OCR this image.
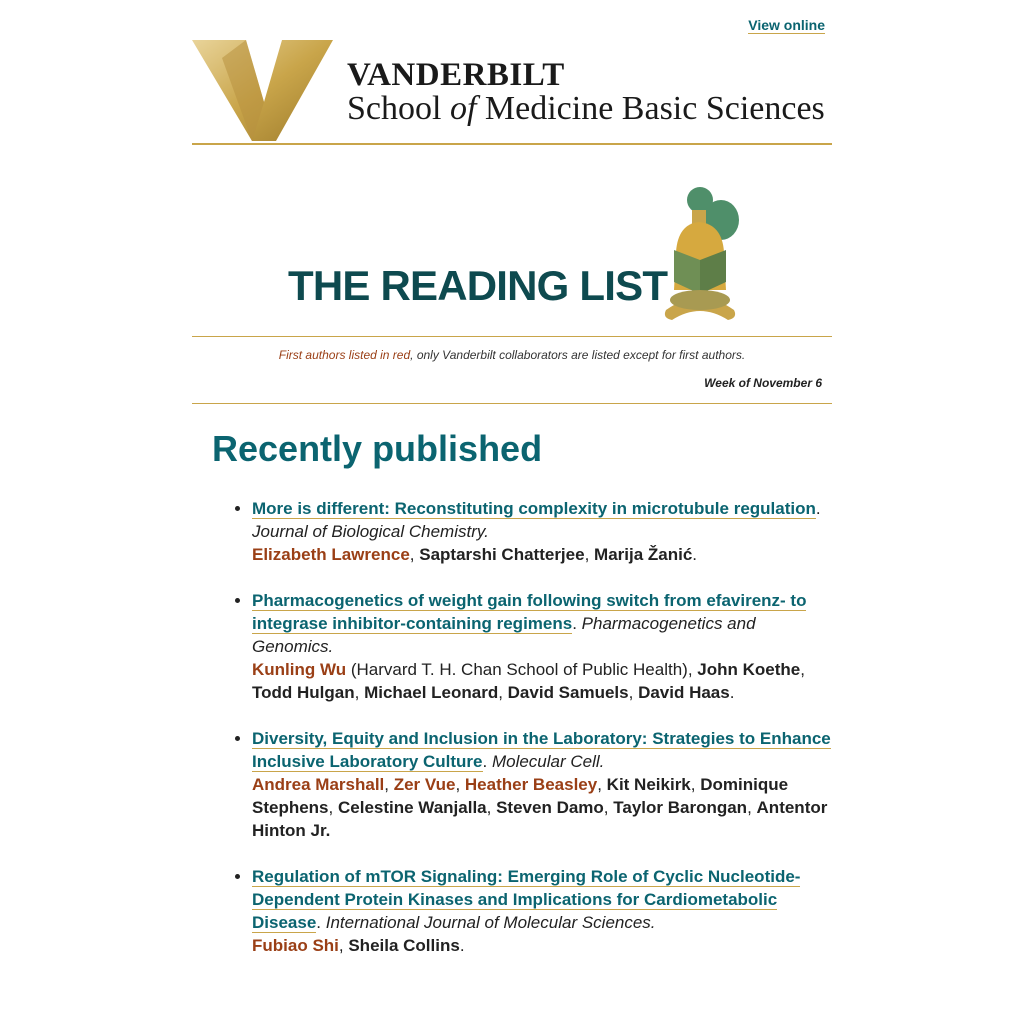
View online
VANDERBILT
School of Medicine Basic Sciences
THE READING LIST
First authors listed in red, only Vanderbilt collaborators are listed except for first authors.
Week of November 6
Recently published
• More is different: Reconstituting complexity in microtubule regulation. Journal of Biological Chemistry.
Elizabeth Lawrence, Saptarshi Chatterjee, Marija Žanić.
• Pharmacogenetics of weight gain following switch from efavirenz- to integrase inhibitor-containing regimens. Pharmacogenetics and Genomics.
Kunling Wu (Harvard T. H. Chan School of Public Health), John Koethe, Todd Hulgan, Michael Leonard, David Samuels, David Haas.
• Diversity, Equity and Inclusion in the Laboratory: Strategies to Enhance Inclusive Laboratory Culture. Molecular Cell.
Andrea Marshall, Zer Vue, Heather Beasley, Kit Neikirk, Dominique Stephens, Celestine Wanjalla, Steven Damo, Taylor Barongan, Antentor Hinton Jr.
• Regulation of mTOR Signaling: Emerging Role of Cyclic Nucleotide-Dependent Protein Kinases and Implications for Cardiometabolic Disease. International Journal of Molecular Sciences.
Fubiao Shi, Sheila Collins.
